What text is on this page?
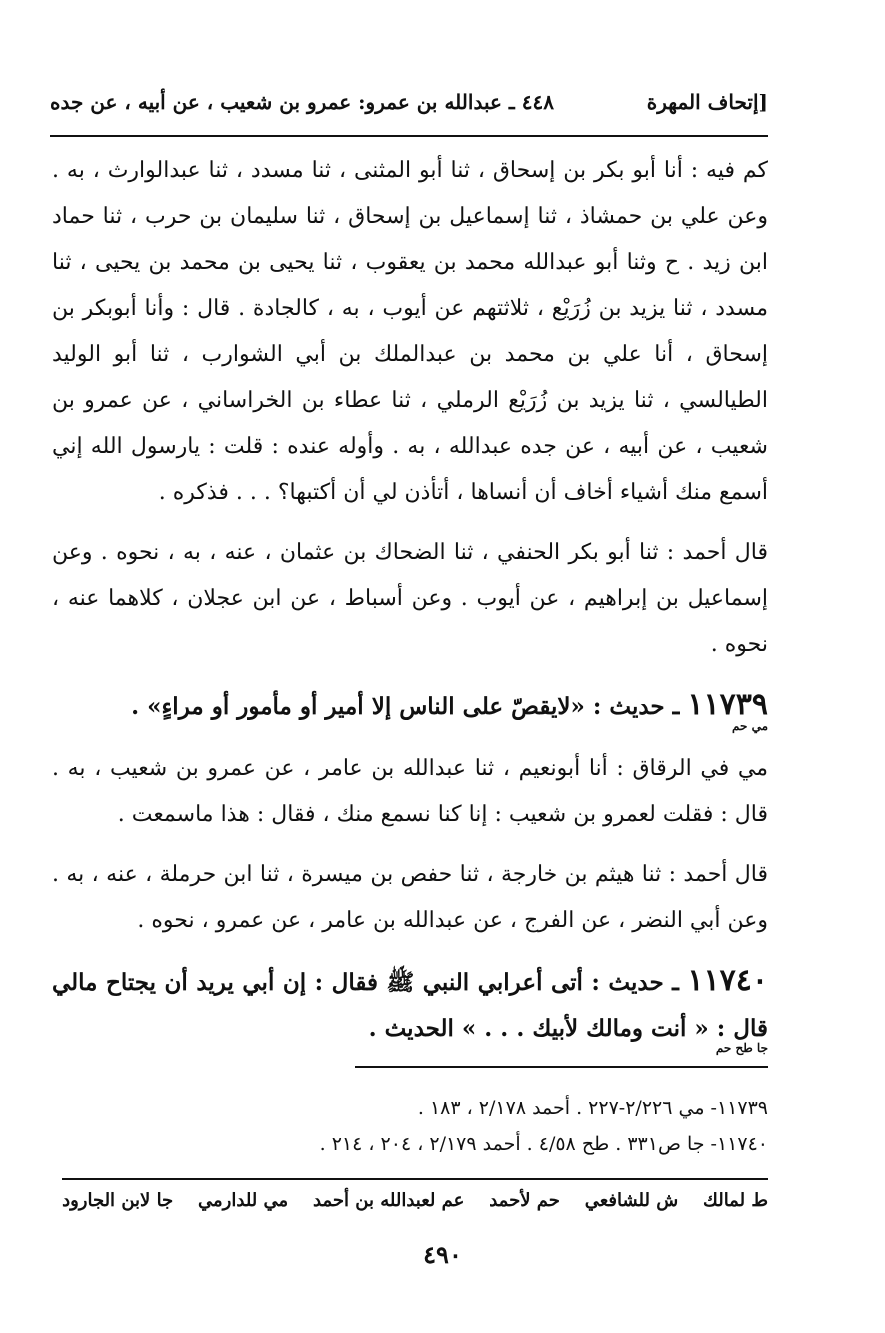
٤٤٨ ـ عبدالله بن عمرو: عمرو بن شعيب ، عن أبيه ، عن جده	[إتحاف المهرة

كم فيه : أنا أبو بكر بن إسحاق ، ثنا أبو المثنى ، ثنا مسدد ، ثنا عبدالوارث ، به . وعن علي بن حمشاذ ، ثنا إسماعيل بن إسحاق ، ثنا سليمان بن حرب ، ثنا حماد ابن زيد . ح وثنا أبو عبدالله محمد بن يعقوب ، ثنا يحيى بن محمد بن يحيى ، ثنا مسدد ، ثنا يزيد بن زُرَيْع ، ثلاثتهم عن أيوب ، به ، كالجادة . قال : وأنا أبوبكر بن إسحاق ، أنا علي بن محمد بن عبدالملك بن أبي الشوارب ، ثنا أبو الوليد الطيالسي ، ثنا يزيد بن زُرَيْع الرملي ، ثنا عطاء بن الخراساني ، عن عمرو بن شعيب ، عن أبيه ، عن جده عبدالله ، به . وأوله عنده : قلت : يارسول الله إني أسمع منك أشياء أخاف أن أنساها ، أتأذن لي أن أكتبها؟ . . . فذكره .

قال أحمد : ثنا أبو بكر الحنفي ، ثنا الضحاك بن عثمان ، عنه ، به ، نحوه . وعن إسماعيل بن إبراهيم ، عن أيوب . وعن أسباط ، عن ابن عجلان ، كلاهما عنه ، نحوه .

١١٧٣٩ ـ حديث : «لايقصّ على الناس إلا أمير أو مأمور أو مراءٍ» .
مي حم

مي في الرقاق : أنا أبونعيم ، ثنا عبدالله بن عامر ، عن عمرو بن شعيب ، به . قال : فقلت لعمرو بن شعيب : إنا كنا نسمع منك ، فقال : هذا ماسمعت .

قال أحمد : ثنا هيثم بن خارجة ، ثنا حفص بن ميسرة ، ثنا ابن حرملة ، عنه ، به . وعن أبي النضر ، عن الفرج ، عن عبدالله بن عامر ، عن عمرو ، نحوه .

١١٧٤٠ ـ حديث : أتى أعرابي النبي ﷺ فقال : إن أبي يريد أن يجتاح مالي قال : « أنت ومالك لأبيك . . . » الحديث .
جا طح حم

١١٧٣٩- مي ٢/٢٢٦-٢٢٧ . أحمد ٢/١٧٨ ، ١٨٣ .
١١٧٤٠- جا ص٣٣١ . طح ٤/٥٨ . أحمد ٢/١٧٩ ، ٢٠٤ ، ٢١٤ .
ط لمالك
ش للشافعي
حم لأحمد
عم لعبدالله بن أحمد
مي للدارمي
جا لابن الجارود
٤٩٠
